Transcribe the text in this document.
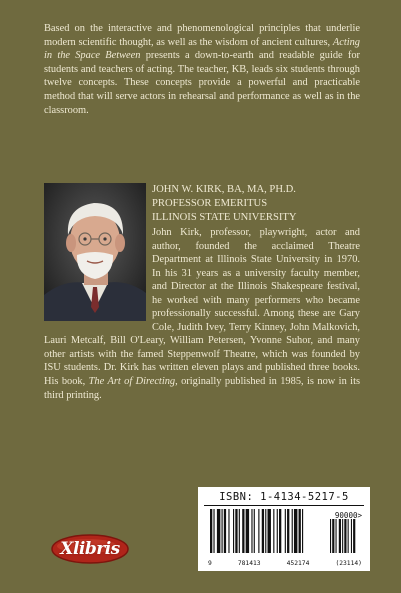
Based on the interactive and phenomenological principles that underlie modern scientific thought, as well as the wisdom of ancient cultures, Acting in the Space Between presents a down-to-earth and readable guide for students and teachers of acting. The teacher, KB, leads six students through twelve concepts. These concepts provide a powerful and practicable method that will serve actors in rehearsal and performance as well as in the classroom.

JOHN W. KIRK, BA, MA, PH.D.
PROFESSOR EMERITUS
ILLINOIS STATE UNIVERSITY

John Kirk, professor, playwright, actor and author, founded the acclaimed Theatre Department at Illinois State University in 1970. In his 31 years as a university faculty member, and Director at the Illinois Shakespeare festival, he worked with many performers who became professionally successful. Among these are Gary Cole, Judith Ivey, Terry Kinney, John Malkovich, Lauri Metcalf, Bill O'Leary, William Petersen, Yvonne Suhor, and many other artists with the famed Steppenwolf Theatre, which was founded by ISU students. Dr. Kirk has written eleven plays and published three books. His book, The Art of Directing, originally published in 1985, is now in its third printing.

ISBN: 1-4134-5217-5
90000>
9	781413	452174	(23114)
Xlibris
